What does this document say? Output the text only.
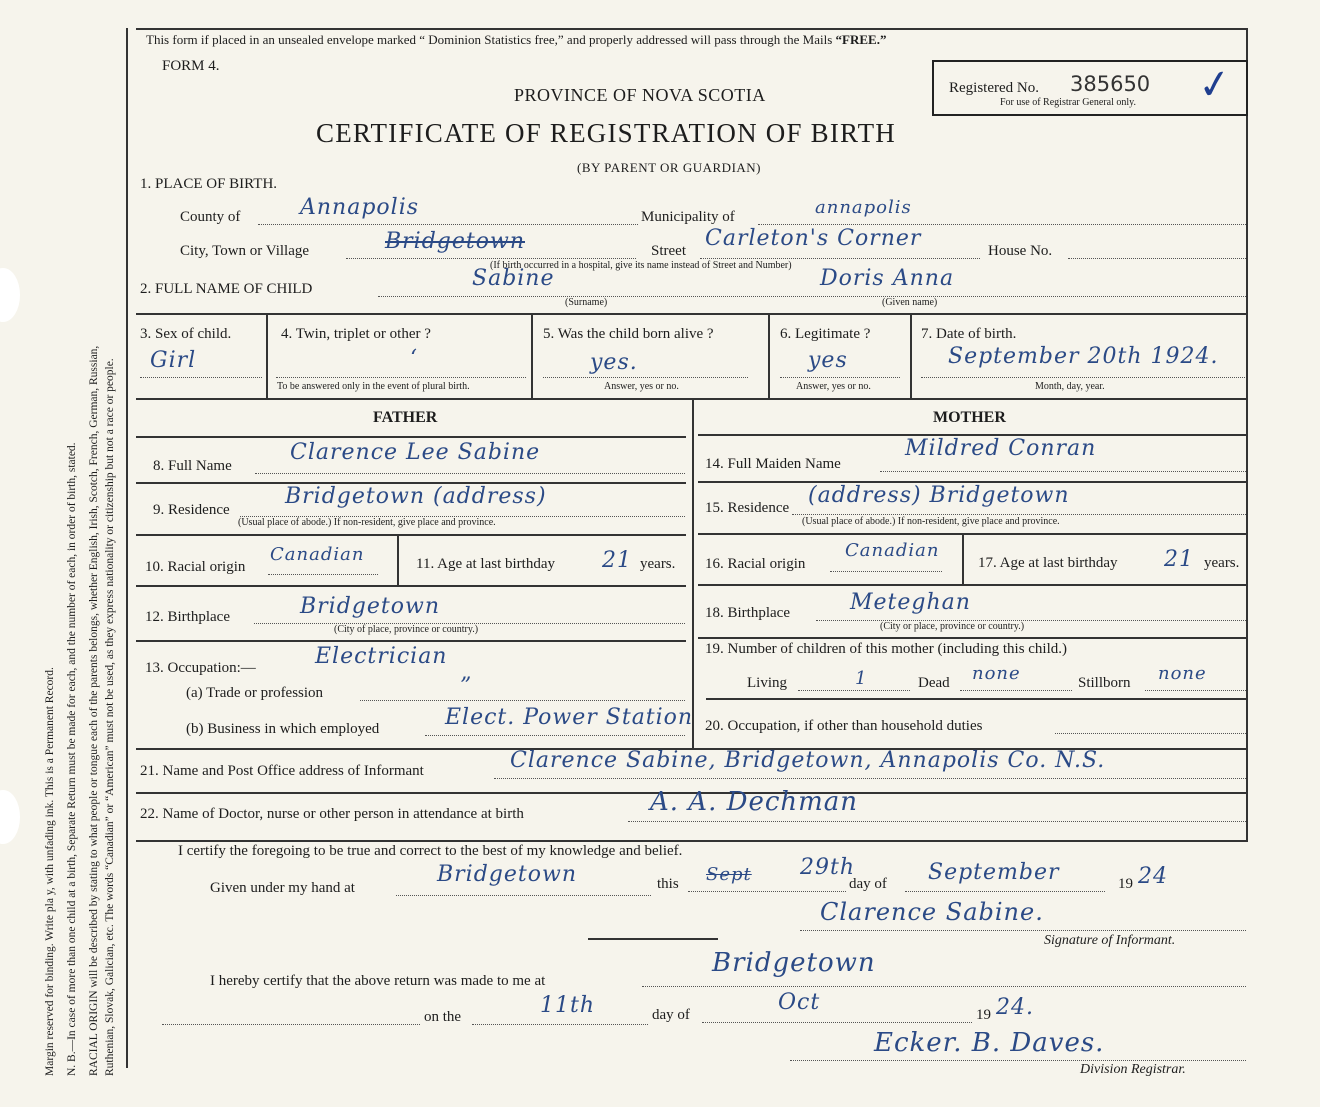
Margin reserved for binding. Write pla y, with unfading ink. This is a Permanent Record. N. B.—In case of more than one child at a birth, Separate Return must be made for each, and the number of each, in order of birth, stated. RACIAL ORIGIN will be described by stating to what people or tongue each of the parents belongs, whether English, Irish, Scotch, French, German, Russian, Ruthenian, Slovak, Galician, etc. The words “Canadian” or “American” must not be used, as they express nationality or citizenship but not a race or people.
This form if placed in an unsealed envelope marked “ Dominion Statistics free,” and properly addressed will pass through the Mails “FREE.”
FORM 4.
PROVINCE OF NOVA SCOTIA
CERTIFICATE OF REGISTRATION OF BIRTH
(BY PARENT OR GUARDIAN)
Registered No. 385650
For use of Registrar General only. ✓
1. PLACE OF BIRTH.
County of	Annapolis	Municipality of	annapolis
City, Town or Village	Bridgetown	Street Carleton's Corner	House No.
(If birth occurred in a hospital, give its name instead of Street and Number)
2. FULL NAME OF CHILD	Sabine
(Surname)
Doris Anna
(Given name)
3. Sex of child.
Girl
4. Twin, triplet or other ?
ʻ
To be answered only in the event of plural birth.
5. Was the child born alive ?
yes.
Answer, yes or no.
6. Legitimate ?
yes
Answer, yes or no.
7. Date of birth.
September 20th 1924.
Month, day, year.
FATHER
8. Full Name
Clarence Lee Sabine
9. Residence
Bridgetown (address)
(Usual place of abode.) If non-resident, give place and province.
10. Racial origin
Canadian	11. Age at last birthday 21 years.
12. Birthplace	Bridgetown
(City of place, province or country.)
13. Occupation:—	Electrician
(a) Trade or profession	”
(b) Business in which employed	Elect. Power Station
MOTHER
14. Full Maiden Name
Mildred Conran
15. Residence (address) Bridgetown
(Usual place of abode.) If non-resident, give place and province.
16. Racial origin
Canadian
17. Age at last birthday 21 years.
18. Birthplace	Meteghan
(City or place, province or country.)
19. Number of children of this mother (including this child.)
Living	1	Dead none	Stillborn none
20. Occupation, if other than household duties
21. Name and Post Office address of Informant	Clarence Sabine, Bridgetown, Annapolis Co. N.S.
22. Name of Doctor, nurse or other person in attendance at birth	A. A. Dechman
I certify the foregoing to be true and correct to the best of my knowledge and belief.
Given under my hand at
Bridgetown	this Sept 29th
day of September	19 24
Clarence Sabine.
Signature of Informant.
I hereby certify that the above return was made to me at
Bridgetown
on the	11th	day of	Oct	19 24.
Ecker. B. Daves.
Division Registrar.
